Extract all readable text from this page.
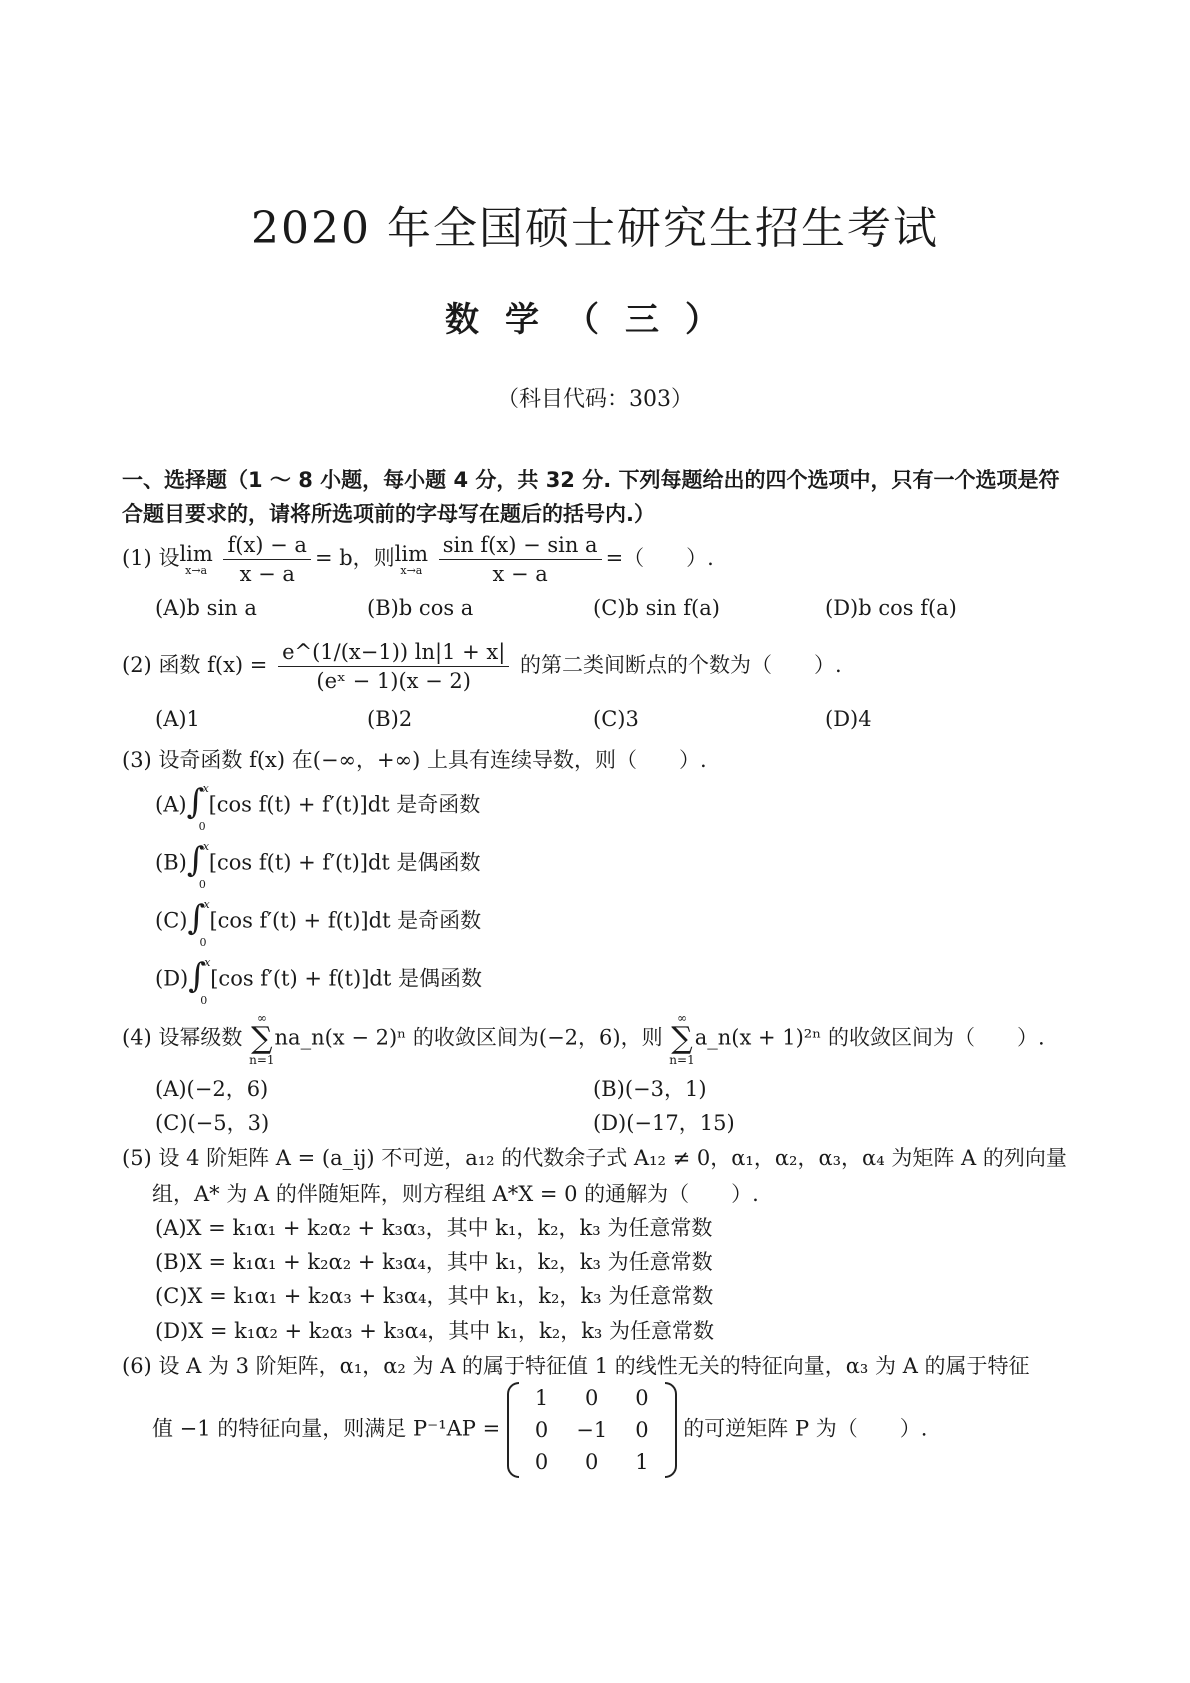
2020 年全国硕士研究生招生考试
数学（三）
（科目代码：303）
一、选择题（1 ～ 8 小题，每小题 4 分，共 32 分. 下列每题给出的四个选项中，只有一个选项是符
合题目要求的，请将所选项前的字母写在题后的括号内.）
(1) 设lim
x→a
$\frac{f(x) - a}{x - a} = b$，则lim
x→a
$\frac{\text{sin f(x) − sin a}}{x - a}$ =（　　）.
(A)b sin a	(B)b cos a	(C)b sin f(a)	(D)b cos f(a)
(2) 函数 $f(x) = \frac{e\^{}(1/(x-1)) \ln|1 + x|}{\text{(eˣ − 1)(x − 2)}}$ 的第二类间断点的个数为（　　）.
(A)1	(B)2	(C)3	(D)4
(3) 设奇函数 f(x) 在(−∞，+∞) 上具有连续导数，则（　　）.
(A) ∫
x
0
[cos f(t) + f′(t)]dt 是奇函数
(B) ∫
x
0
[cos f(t) + f′(t)]dt 是偶函数
(C) ∫
x
0
[cos f′(t) + f(t)]dt 是奇函数
(D) ∫
x
0
[cos f′(t) + f(t)]dt 是偶函数
(4) 设幂级数 ∞
∑
n=1na_n(x − 2)ⁿ 的收敛区间为(−2，6)，则 ∞
∑
n=1a_n(x + 1)²ⁿ 的收敛区间为（　　）.
(A)(−2，6)	(B)(−3，1)
(C)(−5，3)	(D)(−17，15)
(5) 设 4 阶矩阵 A = (a_ij) 不可逆，a₁₂ 的代数余子式 A₁₂ ≠ 0，α₁，α₂，α₃，α₄ 为矩阵 A 的列向量
组，A* 为 A 的伴随矩阵，则方程组 A*X = 0 的通解为（　　）.
(A)X = k₁α₁ + k₂α₂ + k₃α₃，其中 k₁，k₂，k₃ 为任意常数
(B)X = k₁α₁ + k₂α₂ + k₃α₄，其中 k₁，k₂，k₃ 为任意常数
(C)X = k₁α₁ + k₂α₃ + k₃α₄，其中 k₁，k₂，k₃ 为任意常数
(D)X = k₁α₂ + k₂α₃ + k₃α₄，其中 k₁，k₂，k₃ 为任意常数
(6) 设 A 为 3 阶矩阵，α₁，α₂ 为 A 的属于特征值 1 的线性无关的特征向量，α₃ 为 A 的属于特征
值 −1 的特征向量，则满足 P⁻¹AP =
1	0	0
0	−1	0
0	0	1
的可逆矩阵 P 为（　　）.
